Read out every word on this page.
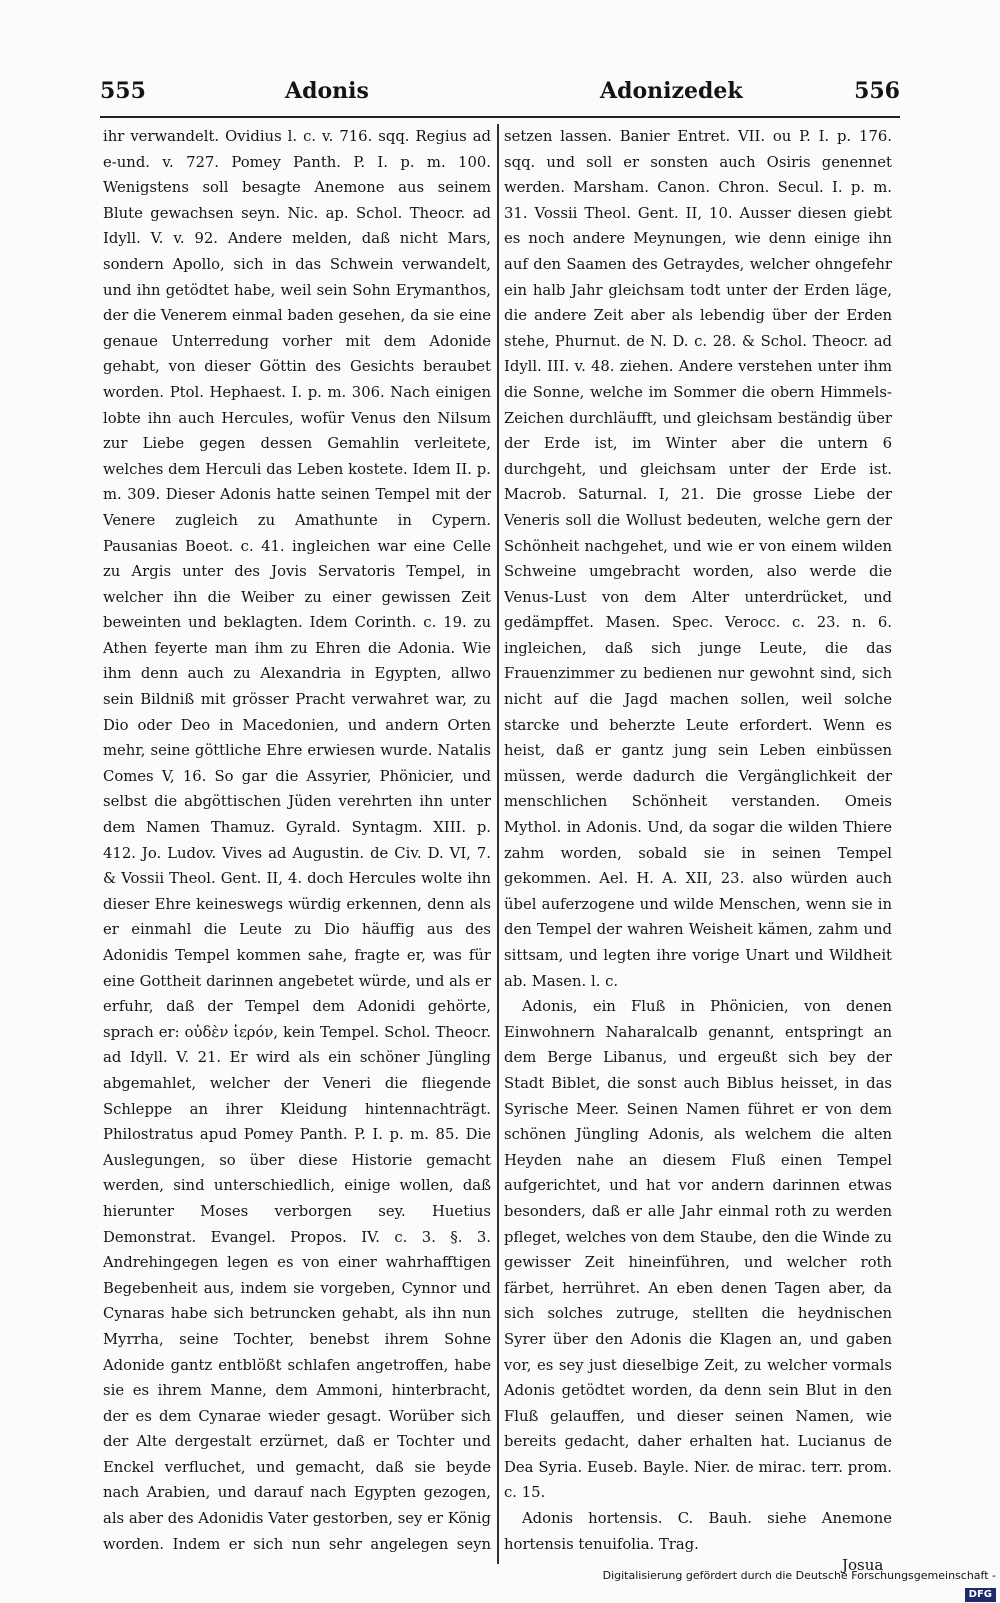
555	Adonis	Adonizedek	556

ihr verwandelt. Ovidius l. c. v. 716. sqq. Regius ad e-und. v. 727. Pomey Panth. P. I. p. m. 100. Wenigstens soll besagte Anemone aus seinem Blute gewachsen seyn. Nic. ap. Schol. Theocr. ad Idyll. V. v. 92. Andere melden, daß nicht Mars, sondern Apollo, sich in das Schwein verwandelt, und ihn getödtet habe, weil sein Sohn Erymanthos, der die Venerem einmal baden gesehen, da sie eine genaue Unterredung vorher mit dem Adonide gehabt, von dieser Göttin des Gesichts beraubet worden. Ptol. Hephaest. I. p. m. 306. Nach einigen lobte ihn auch Hercules, wofür Venus den Nilsum zur Liebe gegen dessen Gemahlin verleitete, welches dem Herculi das Leben kostete. Idem II. p. m. 309. Dieser Adonis hatte seinen Tempel mit der Venere zugleich zu Amathunte in Cypern. Pausanias Boeot. c. 41. ingleichen war eine Celle zu Argis unter des Jovis Servatoris Tempel, in welcher ihn die Weiber zu einer gewissen Zeit beweinten und beklagten. Idem Corinth. c. 19. zu Athen feyerte man ihm zu Ehren die Adonia. Wie ihm denn auch zu Alexandria in Egypten, allwo sein Bildniß mit grösser Pracht verwahret war, zu Dio oder Deo in Macedonien, und andern Orten mehr, seine göttliche Ehre erwiesen wurde. Natalis Comes V, 16. So gar die Assyrier, Phönicier, und selbst die abgöttischen Jüden verehrten ihn unter dem Namen Thamuz. Gyrald. Syntagm. XIII. p. 412. Jo. Ludov. Vives ad Augustin. de Civ. D. VI, 7. & Vossii Theol. Gent. II, 4. doch Hercules wolte ihn dieser Ehre keineswegs würdig erkennen, denn als er einmahl die Leute zu Dio häuffig aus des Adonidis Tempel kommen sahe, fragte er, was für eine Gottheit darinnen angebetet würde, und als er erfuhr, daß der Tempel dem Adonidi gehörte, sprach er: οὐδὲν ἱερόν, kein Tempel. Schol. Theocr. ad Idyll. V. 21. Er wird als ein schöner Jüngling abgemahlet, welcher der Veneri die fliegende Schleppe an ihrer Kleidung hintennachträgt. Philostratus apud Pomey Panth. P. I. p. m. 85. Die Auslegungen, so über diese Historie gemacht werden, sind unterschiedlich, einige wollen, daß hierunter Moses verborgen sey. Huetius Demonstrat. Evangel. Propos. IV. c. 3. §. 3. Andrehingegen legen es von einer wahrhafftigen Begebenheit aus, indem sie vorgeben, Cynnor und Cynaras habe sich betruncken gehabt, als ihn nun Myrrha, seine Tochter, benebst ihrem Sohne Adonide gantz entblößt schlafen angetroffen, habe sie es ihrem Manne, dem Ammoni, hinterbracht, der es dem Cynarae wieder gesagt. Worüber sich der Alte dergestalt erzürnet, daß er Tochter und Enckel verfluchet, und gemacht, daß sie beyde nach Arabien, und darauf nach Egypten gezogen, als aber des Adonidis Vater gestorben, sey er König worden. Indem er sich nun sehr angelegen seyn

setzen lassen. Banier Entret. VII. ou P. I. p. 176. sqq. und soll er sonsten auch Osiris genennet werden. Marsham. Canon. Chron. Secul. I. p. m. 31. Vossii Theol. Gent. II, 10. Ausser diesen giebt es noch andere Meynungen, wie denn einige ihn auf den Saamen des Getraydes, welcher ohngefehr ein halb Jahr gleichsam todt unter der Erden läge, die andere Zeit aber als lebendig über der Erden stehe, Phurnut. de N. D. c. 28. & Schol. Theocr. ad Idyll. III. v. 48. ziehen. Andere verstehen unter ihm die Sonne, welche im Sommer die obern Himmels-Zeichen durchläufft, und gleichsam beständig über der Erde ist, im Winter aber die untern 6 durchgeht, und gleichsam unter der Erde ist. Macrob. Saturnal. I, 21. Die grosse Liebe der Veneris soll die Wollust bedeuten, welche gern der Schönheit nachgehet, und wie er von einem wilden Schweine umgebracht worden, also werde die Venus-Lust von dem Alter unterdrücket, und gedämpffet. Masen. Spec. Verocc. c. 23. n. 6. ingleichen, daß sich junge Leute, die das Frauenzimmer zu bedienen nur gewohnt sind, sich nicht auf die Jagd machen sollen, weil solche starcke und beherzte Leute erfordert. Wenn es heist, daß er gantz jung sein Leben einbüssen müssen, werde dadurch die Vergänglichkeit der menschlichen Schönheit verstanden. Omeis Mythol. in Adonis. Und, da sogar die wilden Thiere zahm worden, sobald sie in seinen Tempel gekommen. Ael. H. A. XII, 23. also würden auch übel auferzogene und wilde Menschen, wenn sie in den Tempel der wahren Weisheit kämen, zahm und sittsam, und legten ihre vorige Unart und Wildheit ab. Masen. l. c.

Adonis, ein Fluß in Phönicien, von denen Einwohnern Naharalcalb genannt, entspringt an dem Berge Libanus, und ergeußt sich bey der Stadt Biblet, die sonst auch Biblus heisset, in das Syrische Meer. Seinen Namen führet er von dem schönen Jüngling Adonis, als welchem die alten Heyden nahe an diesem Fluß einen Tempel aufgerichtet, und hat vor andern darinnen etwas besonders, daß er alle Jahr einmal roth zu werden pfleget, welches von dem Staube, den die Winde zu gewisser Zeit hineinführen, und welcher roth färbet, herrühret. An eben denen Tagen aber, da sich solches zutruge, stellten die heydnischen Syrer über den Adonis die Klagen an, und gaben vor, es sey just dieselbige Zeit, zu welcher vormals Adonis getödtet worden, da denn sein Blut in den Fluß gelauffen, und dieser seinen Namen, wie bereits gedacht, daher erhalten hat. Lucianus de Dea Syria. Euseb. Bayle. Nier. de mirac. terr. prom. c. 15.

Adonis hortensis. C. Bauh. siehe Anemone hortensis tenuifolia. Trag.

Josua
Digitalisierung gefördert durch die Deutsche Forschungsgemeinschaft -DFG
